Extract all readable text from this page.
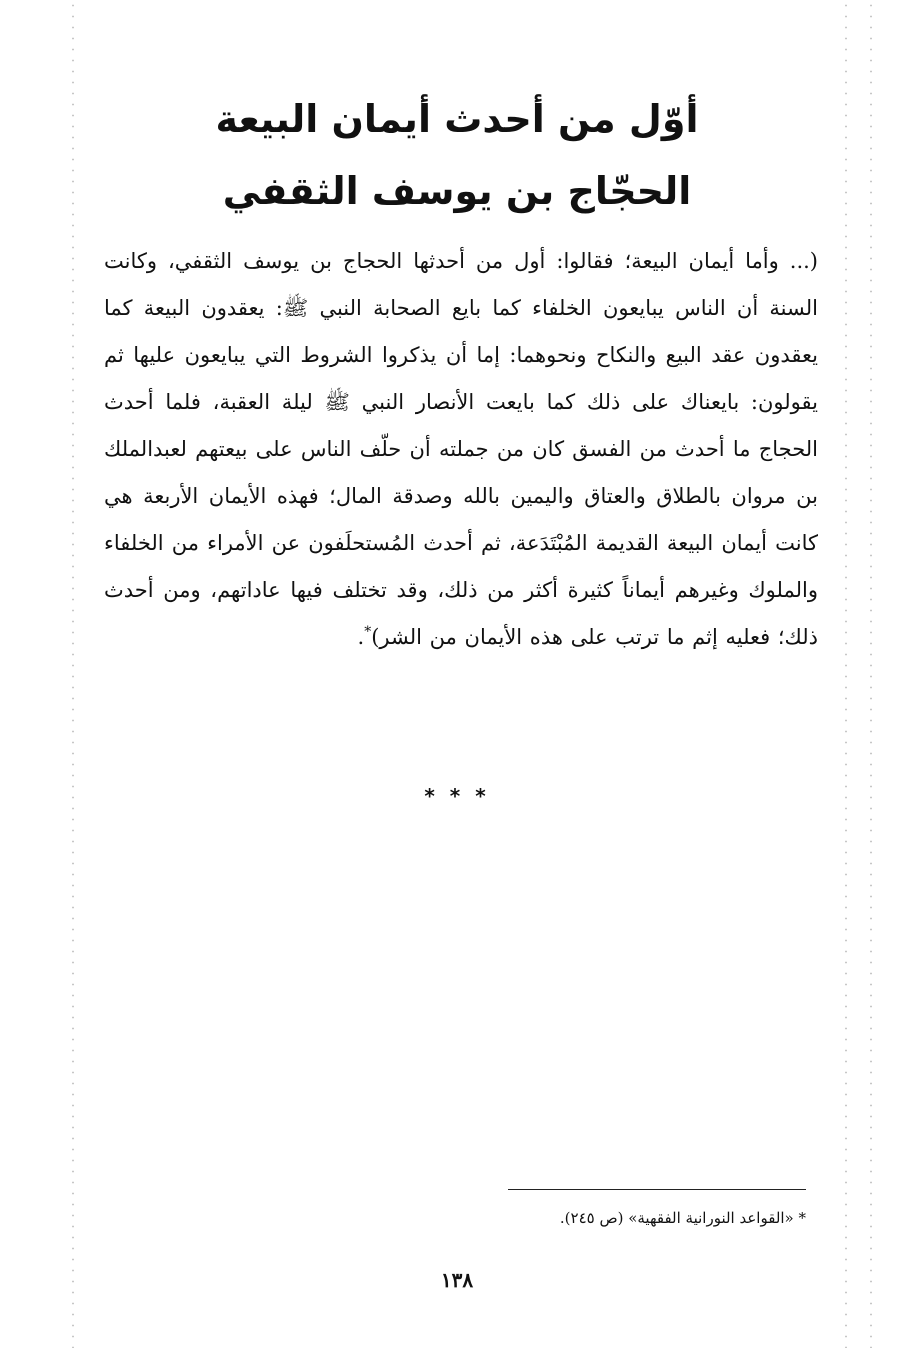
أوّل من أحدث أيمان البيعة
الحجّاج بن يوسف الثقفي

(... وأما أيمان البيعة؛ فقالوا: أول من أحدثها الحجاج بن يوسف الثقفي، وكانت السنة أن الناس يبايعون الخلفاء كما بايع الصحابة النبي ﷺ: يعقدون البيعة كما يعقدون عقد البيع والنكاح ونحوهما: إما أن يذكروا الشروط التي يبايعون عليها ثم يقولون: بايعناك على ذلك كما بايعت الأنصار النبي ﷺ ليلة العقبة، فلما أحدث الحجاج ما أحدث من الفسق كان من جملته أن حلّف الناس على بيعتهم لعبدالملك بن مروان بالطلاق والعتاق واليمين بالله وصدقة المال؛ فهذه الأيمان الأربعة هي كانت أيمان البيعة القديمة المُبْتَدَعة، ثم أحدث المُستحلَفون عن الأمراء من الخلفاء والملوك وغيرهم أيماناً كثيرة أكثر من ذلك، وقد تختلف فيها عاداتهم، ومن أحدث ذلك؛ فعليه إثم ما ترتب على هذه الأيمان من الشر)*.

* * *

* «القواعد النورانية الفقهية» (ص ٢٤٥).

١٣٨
